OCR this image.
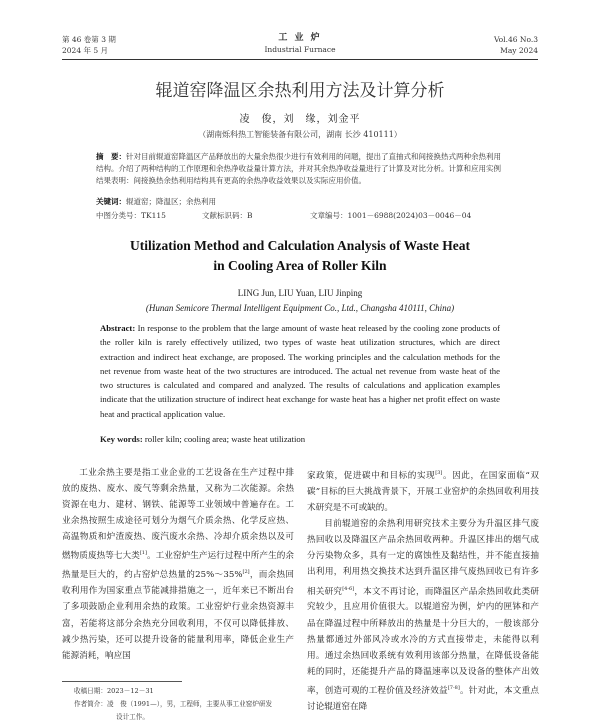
第 46 卷第 3 期
2024 年 5 月
工 业 炉
Industrial Furnace
Vol.46 No.3
May 2024
辊道窑降温区余热利用方法及计算分析
凌　俊，刘　缘，刘金平
（湖南烁科热工智能装备有限公司，湖南 长沙 410111）
摘　要：针对目前辊道窑降温区产品释放出的大量余热很少进行有效利用的问题，提出了直抽式和间接换热式两种余热利用结构。介绍了两种结构的工作原理和余热净收益量计算方法，并对其余热净收益量进行了计算及对比分析。计算和应用实例结果表明：间接换热余热利用结构具有更高的余热净收益效果以及实际应用价值。
关键词：辊道窑；降温区；余热利用
中图分类号：TK115	文献标识码：B	文章编号：1001－6988(2024)03－0046－04
Utilization Method and Calculation Analysis of Waste Heat
in Cooling Area of Roller Kiln
LING Jun, LIU Yuan, LIU Jinping
(Hunan Semicore Thermal Intelligent Equipment Co., Ltd., Changsha 410111, China)
Abstract: In response to the problem that the large amount of waste heat released by the cooling zone products of the roller kiln is rarely effectively utilized, two types of waste heat utilization structures, which are direct extraction and indirect heat exchange, are proposed. The working principles and the calculation methods for the net revenue from waste heat of the two structures are introduced. The actual net revenue from waste heat of the two structures is calculated and compared and analyzed. The results of calculations and application examples indicate that the utilization structure of indirect heat exchange for waste heat has a higher net profit effect on waste heat and practical application value.
Key words: roller kiln; cooling area; waste heat utilization

工业余热主要是指工业企业的工艺设备在生产过程中排放的废热、废水、废气等剩余热量，又称为二次能源。余热资源在电力、建材、钢铁、能源等工业领域中普遍存在。工业余热按照生成途径可划分为烟气介质余热、化学反应热、高温物质和炉渣废热、废汽废水余热、冷却介质余热以及可燃物质废热等七大类[1]。工业窑炉生产运行过程中所产生的余热量是巨大的，约占窑炉总热量的25%～35%[2]，而余热回收利用作为国家重点节能减排措施之一，近年来已不断出台了多项鼓励企业利用余热的政策。工业窑炉行业余热资源丰富，若能将这部分余热充分回收利用，不仅可以降低排放、减少热污染，还可以提升设备的能量利用率，降低企业生产能源消耗，响应国

家政策，促进碳中和目标的实现[3]。因此，在国家面临“双碳”目标的巨大挑战背景下，开展工业窑炉的余热回收利用技术研究是不可或缺的。

目前辊道窑的余热利用研究技术主要分为升温区排气废热回收以及降温区产品余热回收两种。升温区排出的烟气成分污染物众多，具有一定的腐蚀性及黏结性，并不能直接抽出利用，利用热交换技术达到升温区排气废热回收已有许多相关研究[4-6]，本文不再讨论，而降温区产品余热回收此类研究较少，且应用价值很大。以辊道窑为例，炉内的匣钵和产品在降温过程中所释放出的热量是十分巨大的，一般该部分热量都通过外部风冷或水冷的方式直接带走，未能得以利用。通过余热回收系统有效利用该部分热量，在降低设备能耗的同时，还能提升产品的降温速率以及设备的整体产出效率，创造可观的工程价值及经济效益[7-8]。针对此，本文重点讨论辊道窑在降

收稿日期：2023－12－31
作者简介：凌　俊（1991—），男，工程师，主要从事工业窑炉研发
设计工作。
